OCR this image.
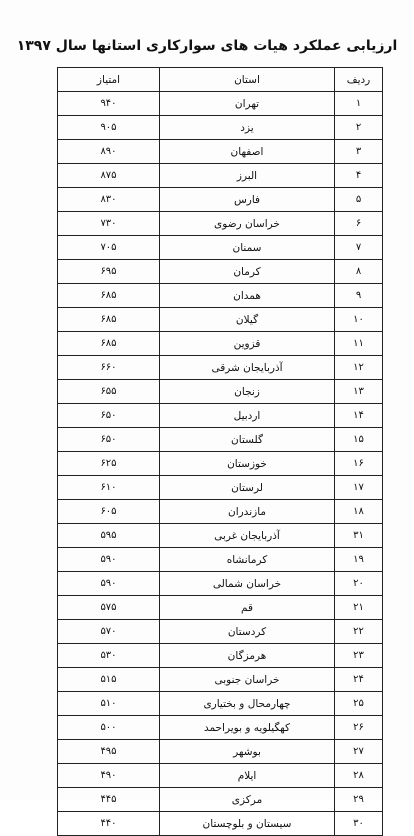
ارزیابی عملکرد هیات های سوارکاری استانها سال ۱۳۹۷
ردیف	استان	امتیاز
۱	تهران	۹۴۰
۲	یزد	۹۰۵
۳	اصفهان	۸۹۰
۴	البرز	۸۷۵
۵	فارس	۸۳۰
۶	خراسان رضوی	۷۳۰
۷	سمنان	۷۰۵
۸	کرمان	۶۹۵
۹	همدان	۶۸۵
۱۰	گیلان	۶۸۵
۱۱	قزوین	۶۸۵
۱۲	آذربایجان شرقی	۶۶۰
۱۳	زنجان	۶۵۵
۱۴	اردبیل	۶۵۰
۱۵	گلستان	۶۵۰
۱۶	خوزستان	۶۲۵
۱۷	لرستان	۶۱۰
۱۸	مازندران	۶۰۵
۳۱	آذربایجان غربی	۵۹۵
۱۹	کرمانشاه	۵۹۰
۲۰	خراسان شمالی	۵۹۰
۲۱	قم	۵۷۵
۲۲	کردستان	۵۷۰
۲۳	هرمزگان	۵۳۰
۲۴	خراسان جنوبی	۵۱۵
۲۵	چهارمحال و بختیاری	۵۱۰
۲۶	کهگیلویه و بویراحمد	۵۰۰
۲۷	بوشهر	۴۹۵
۲۸	ایلام	۴۹۰
۲۹	مرکزی	۴۴۵
۳۰	سیستان و بلوچستان	۴۴۰
